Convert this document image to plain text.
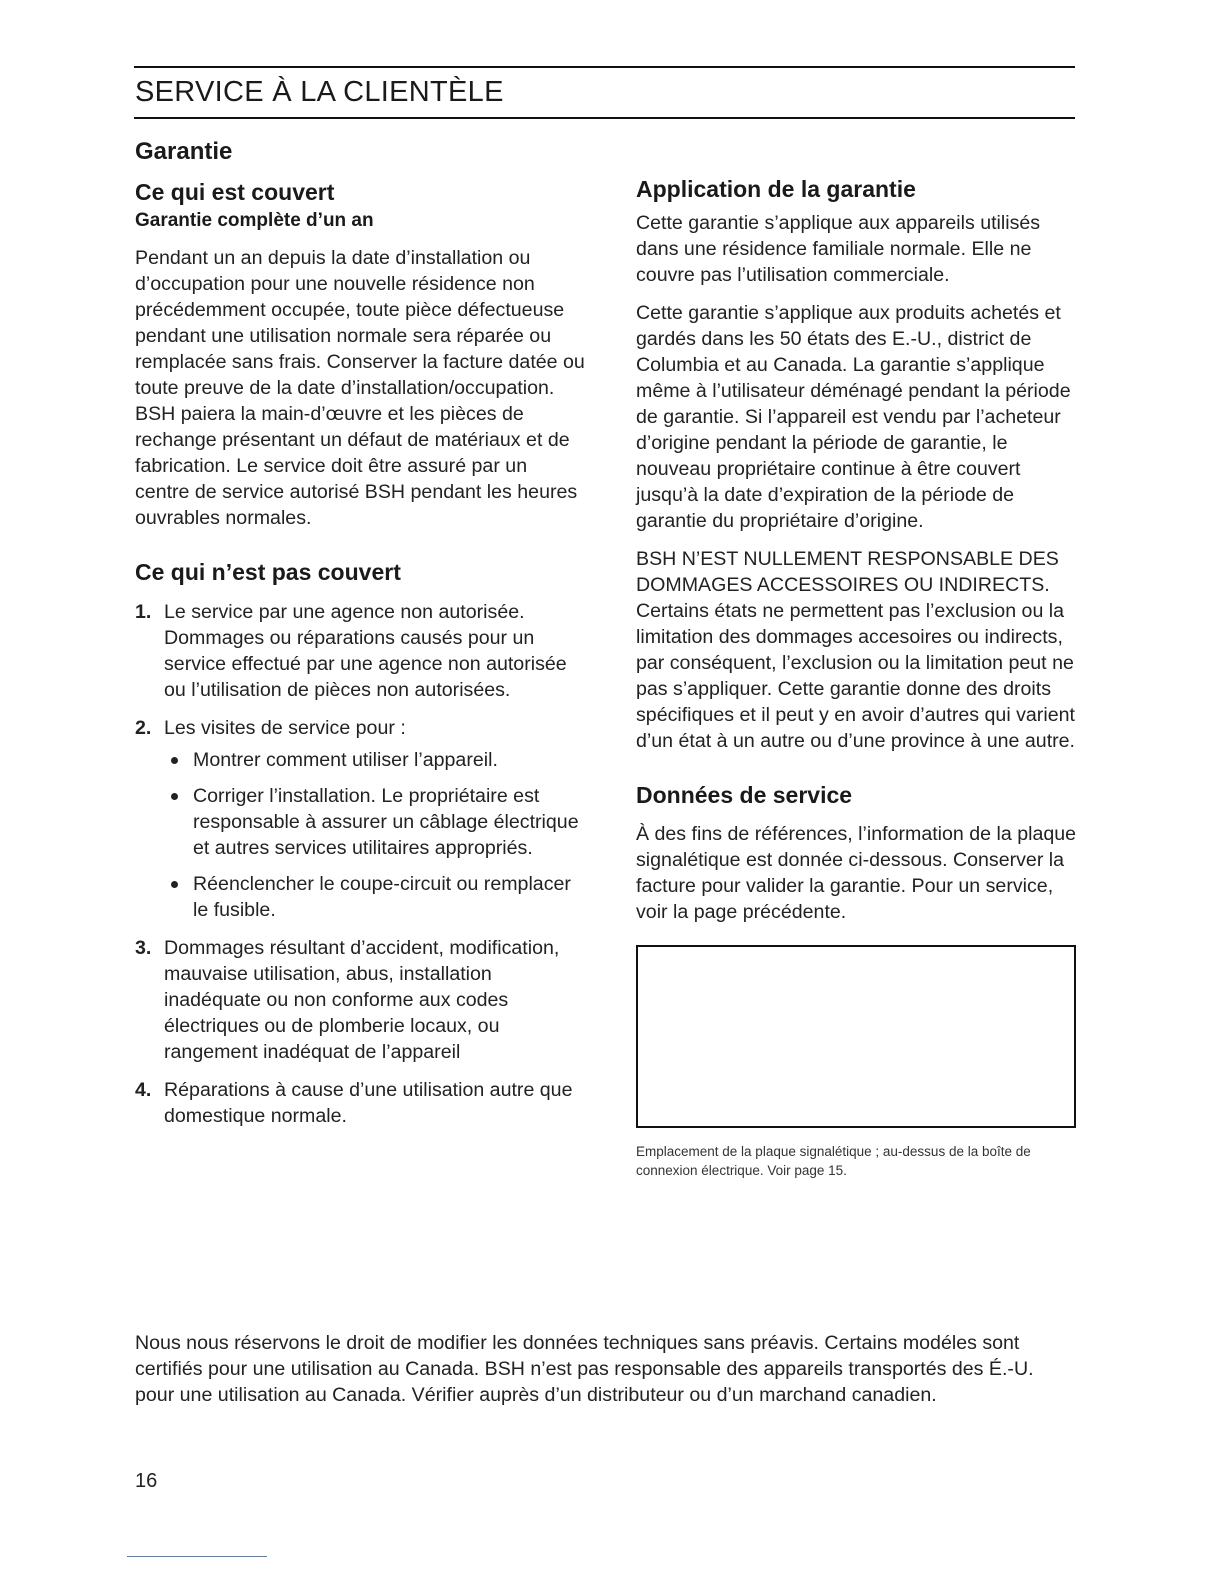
SERVICE À LA CLIENTÈLE
Garantie
Ce qui est couvert
Garantie complète d’un an

Pendant un an depuis la date d’installation ou d’occupation pour une nouvelle résidence non précédemment occupée, toute pièce défectueuse pendant une utilisation normale sera réparée ou remplacée sans frais. Conserver la facture datée ou toute preuve de la date d’installation/occupation. BSH paiera la main-d’œuvre et les pièces de rechange présentant un défaut de matériaux et de fabrication. Le service doit être assuré par un centre de service autorisé BSH pendant les heures ouvrables normales.

Ce qui n’est pas couvert
1. Le service par une agence non autorisée. Dommages ou réparations causés pour un service effectué par une agence non autorisée ou l’utilisation de pièces non autorisées.
2. Les visites de service pour :
Montrer comment utiliser l’appareil.
Corriger l’installation. Le propriétaire est responsable à assurer un câblage électrique et autres services utilitaires appropriés.
Réenclencher le coupe-circuit ou remplacer le fusible.
3. Dommages résultant d’accident, modification, mauvaise utilisation, abus, installation inadéquate ou non conforme aux codes électriques ou de plomberie locaux, ou rangement inadéquat de l’appareil
4. Réparations à cause d’une utilisation autre que domestique normale.
Application de la garantie

Cette garantie s’applique aux appareils utilisés dans une résidence familiale normale. Elle ne couvre pas l’utilisation commerciale.

Cette garantie s’applique aux produits achetés et gardés dans les 50 états des E.-U., district de Columbia et au Canada. La garantie s’applique même à l’utilisateur déménagé pendant la période de garantie. Si l’appareil est vendu par l’acheteur d’origine pendant la période de garantie, le nouveau propriétaire continue à être couvert jusqu’à la date d’expiration de la période de garantie du propriétaire d’origine.

BSH N’EST NULLEMENT RESPONSABLE DES DOMMAGES ACCESSOIRES OU INDIRECTS. Certains états ne permettent pas l’exclusion ou la limitation des dommages accesoires ou indirects, par conséquent, l’exclusion ou la limitation peut ne pas s’appliquer. Cette garantie donne des droits spécifiques et il peut y en avoir d’autres qui varient d’un état à un autre ou d’une province à une autre.

Données de service

À des fins de références, l’information de la plaque signalétique est donnée ci-dessous. Conserver la facture pour valider la garantie. Pour un service, voir la page précédente.

Emplacement de la plaque signalétique ; au-dessus de la boîte de connexion électrique. Voir page 15.
Nous nous réservons le droit de modifier les données techniques sans préavis. Certains modéles sont certifiés pour une utilisation au Canada. BSH n’est pas responsable des appareils transportés des É.-U. pour une utilisation au Canada. Vérifier auprès d’un distributeur ou d’un marchand canadien.
16
